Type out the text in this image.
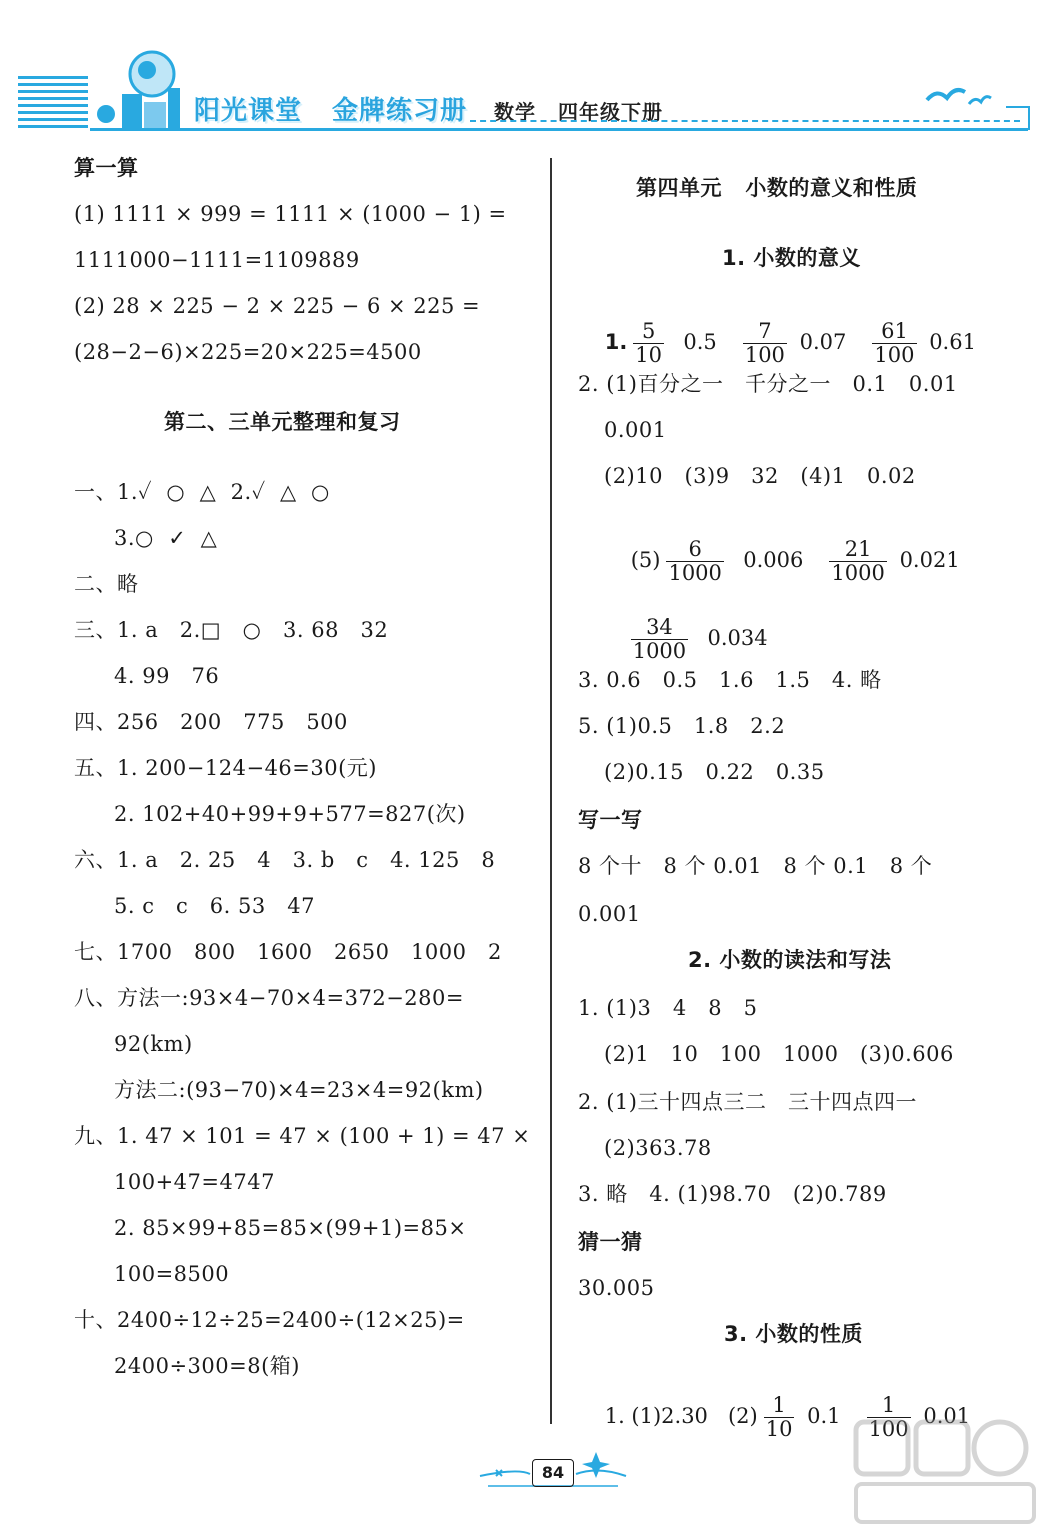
阳光课堂 金牌练习册 数学 四年级下册
算一算
(1) 1111 × 999 = 1111 × (1000 − 1) =
1111000−1111=1109889
(2) 28 × 225 − 2 × 225 − 6 × 225 =
(28−2−6)×225=20×225=4500
第二、三单元整理和复习
一、1.✓  ○  △  2.✓  △  ○
3.○  ✓  △
二、略
三、1. a   2.□   ○   3. 68   32
4. 99   76
四、256   200   775   500
五、1. 200−124−46=30(元)
2. 102+40+99+9+577=827(次)
六、1. a   2. 25   4   3. b   c   4. 125   8
5. c   c   6. 53   47
七、1700   800   1600   2650   1000   2
八、方法一:93×4−70×4=372−280=
92(km)
方法二:(93−70)×4=23×4=92(km)
九、1. 47 × 101 = 47 × (100 + 1) = 47 ×
100+47=4747
2. 85×99+85=85×(99+1)=85×
100=8500
十、2400÷12÷25=2400÷(12×25)=
2400÷300=8(箱)
第四单元   小数的意义和性质
1. 小数的意义

1. $\frac{5}{10} 0.5 \frac{7}{100} 0.07 \frac{61}{100} 0.61$

2. (1)百分之一   千分之一   0.1   0.01
0.001
(2)10   (3)9   32   (4)1   0.02

$(5) \frac{6}{1000} 0.006 \frac{21}{1000} 0.021$

$\frac{34}{1000} 0.034$

3. 0.6   0.5   1.6   1.5   4. 略
5. (1)0.5   1.8   2.2
(2)0.15   0.22   0.35
写一写
8 个十   8 个 0.01   8 个 0.1   8 个
0.001
2. 小数的读法和写法
1. (1)3   4   8   5
(2)1   10   100   1000   (3)0.606
2. (1)三十四点三二   三十四点四一
(2)363.78
3. 略   4. (1)98.70   (2)0.789
猜一猜
30.005
3. 小数的性质

1. (1)2.30   $(2) \frac{1}{10} 0.1 \frac{1}{100} 0.01$

84
